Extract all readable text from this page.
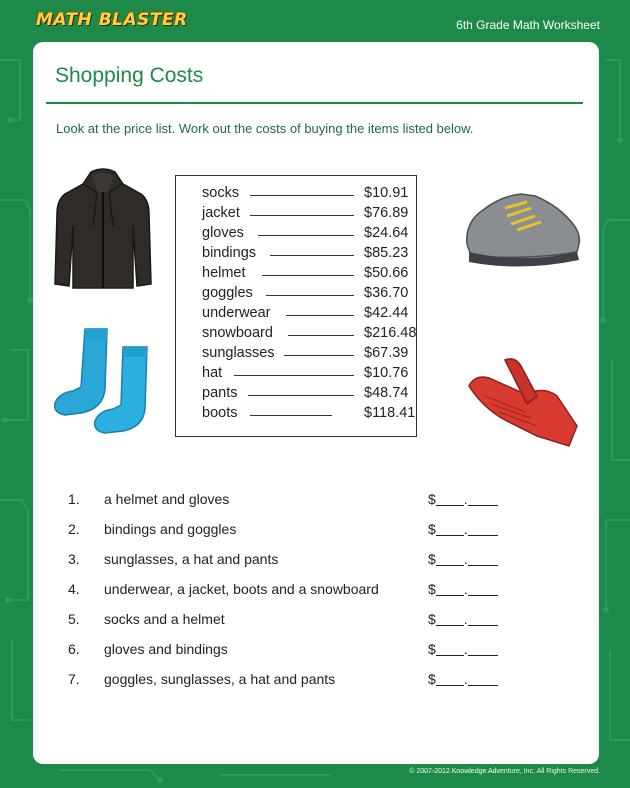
MATH BLASTER	6th Grade Math Worksheet
Shopping Costs
Look at the price list. Work out the costs of buying the items listed below.
socks	$10.91
jacket	$76.89
gloves	$24.64
bindings	$85.23
helmet	$50.66
goggles	$36.70
underwear	$42.44
snowboard	$216.48
sunglasses	$67.39
hat	$10.76
pants	$48.74
boots	$118.41
1. a helmet and gloves	$ .
2. bindings and goggles	$ .
3. sunglasses, a hat and pants	$ .
4. underwear, a jacket, boots and a snowboard	$ .
5. socks and a helmet	$ .
6. gloves and bindings	$ .
7. goggles, sunglasses, a hat and pants	$ .
© 2007-2012 Knowledge Adventure, Inc. All Rights Reserved.
